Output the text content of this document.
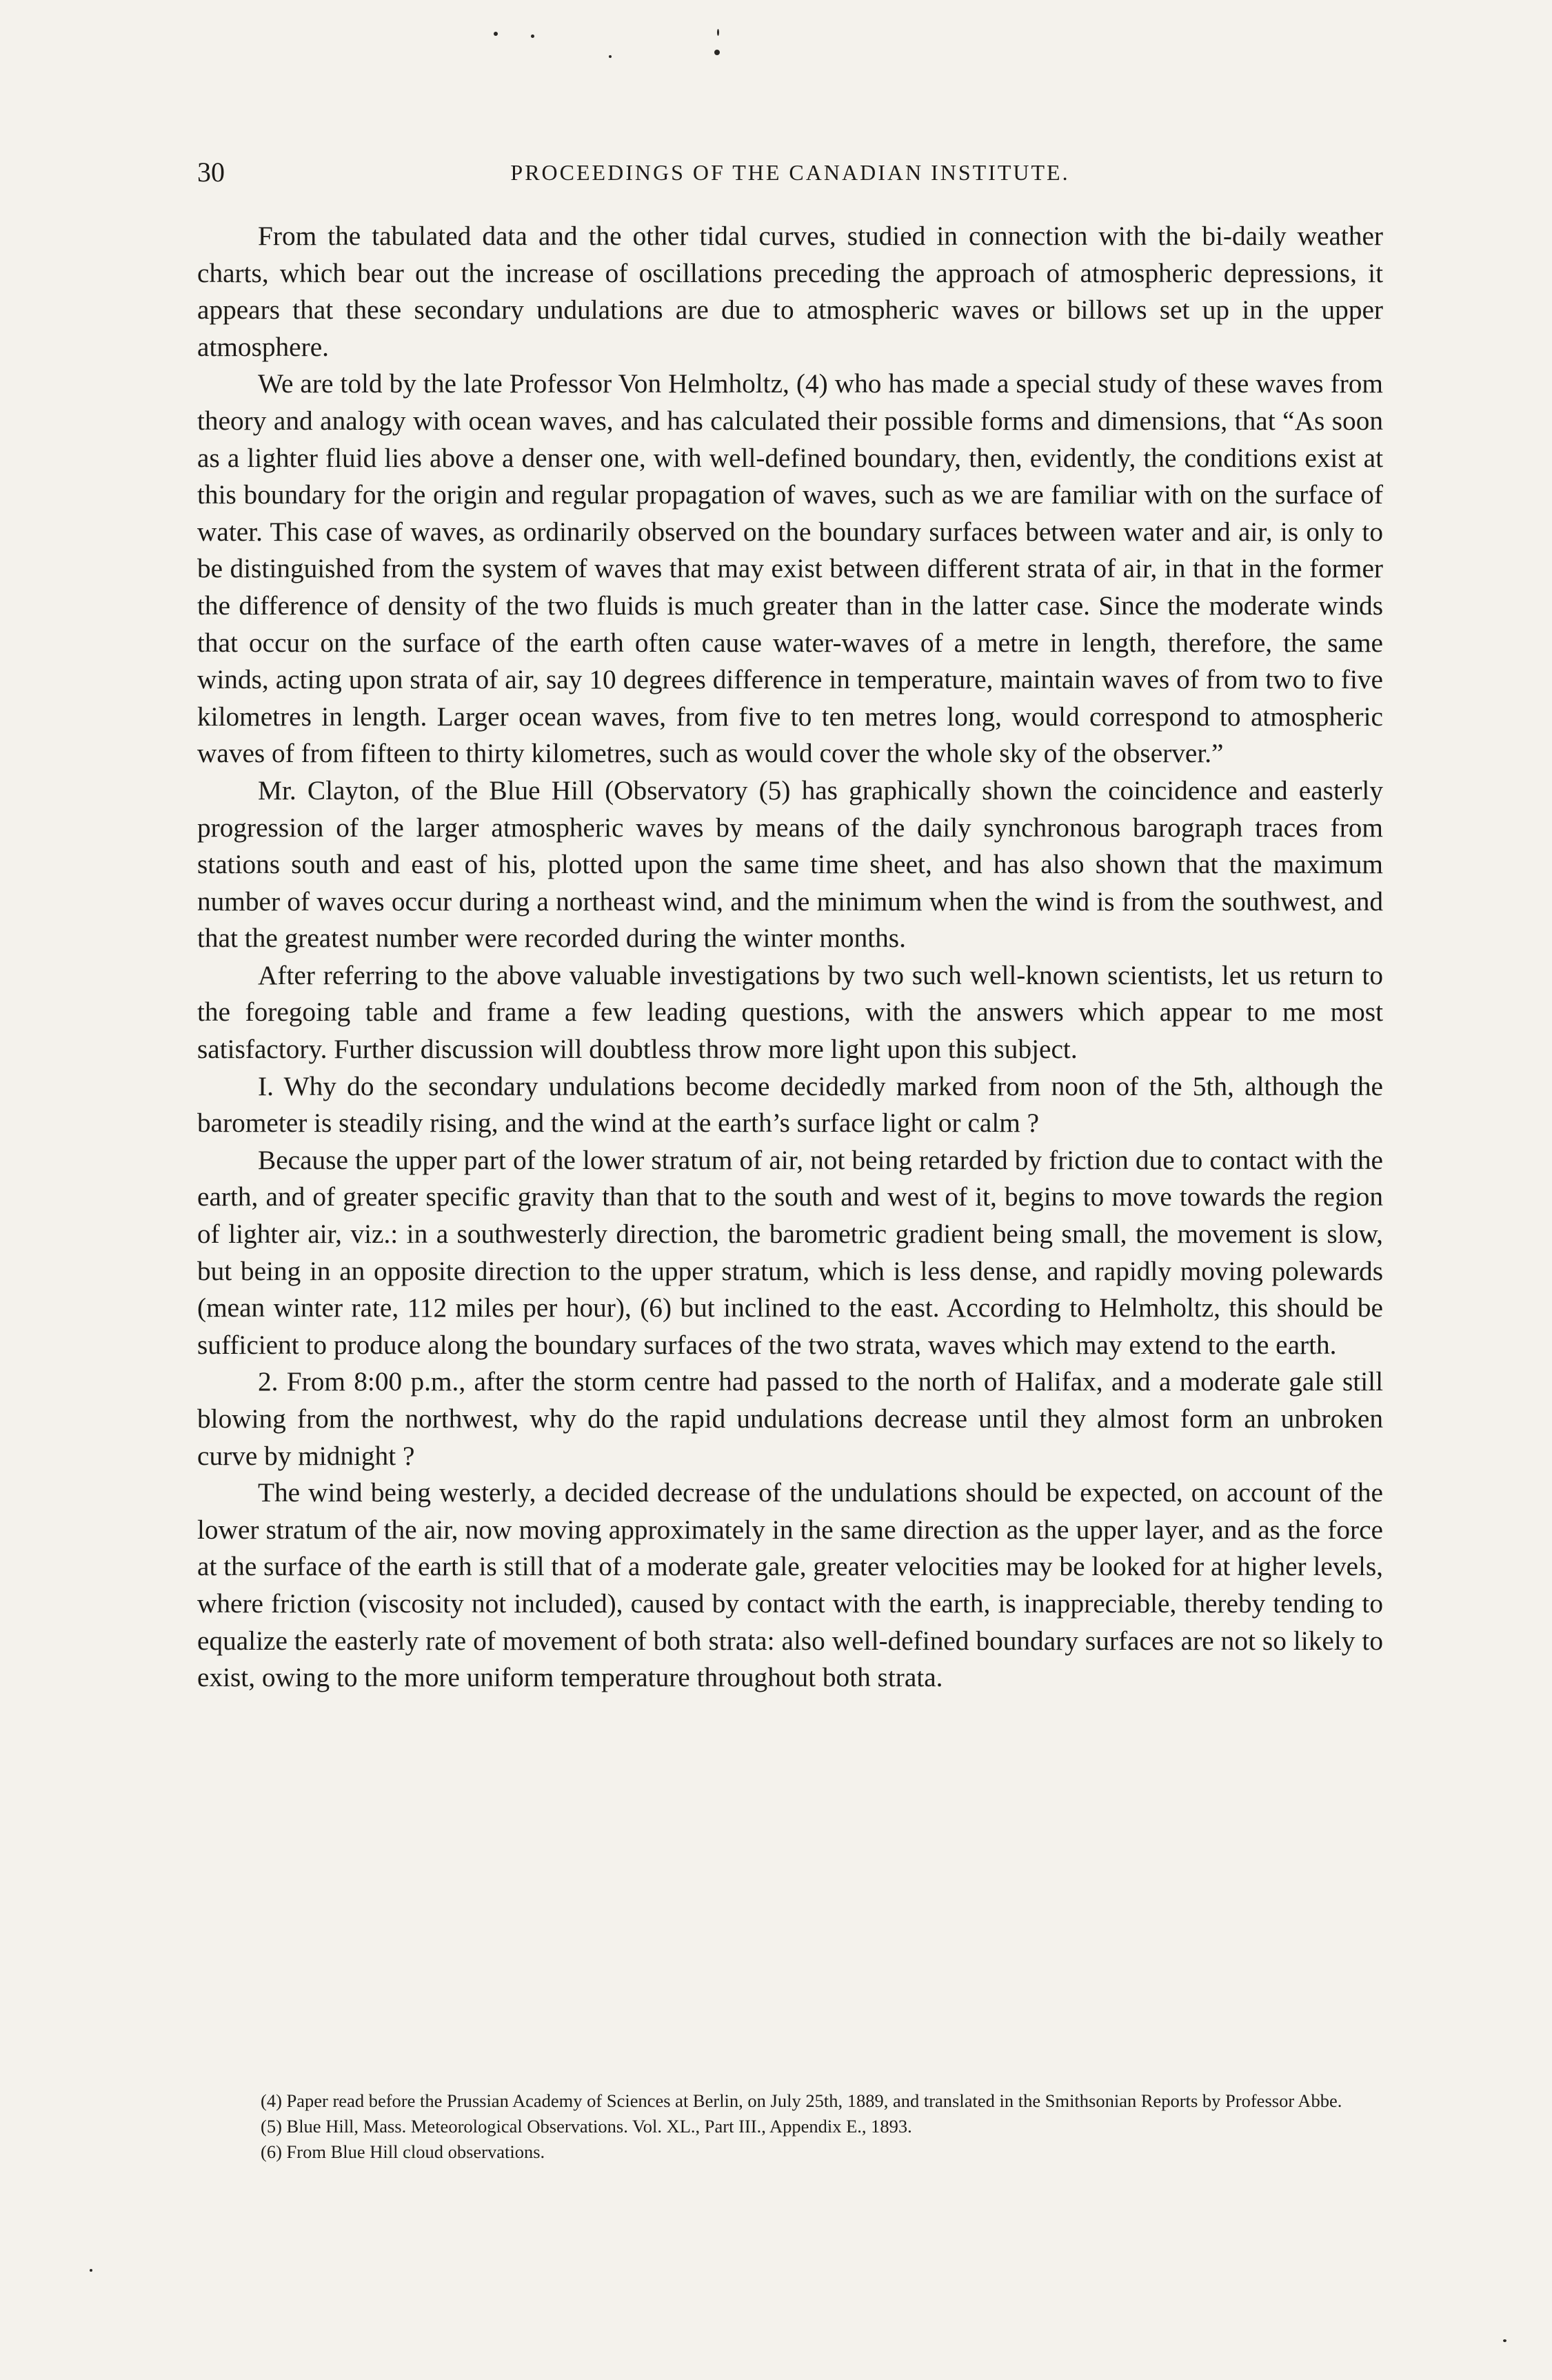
30	PROCEEDINGS OF THE CANADIAN INSTITUTE.

From the tabulated data and the other tidal curves, studied in connection with the bi-daily weather charts, which bear out the increase of oscillations preceding the approach of atmospheric depressions, it appears that these secondary undulations are due to atmospheric waves or billows set up in the upper atmosphere.

We are told by the late Professor Von Helmholtz, (4) who has made a special study of these waves from theory and analogy with ocean waves, and has calculated their possible forms and dimensions, that “As soon as a lighter fluid lies above a denser one, with well-defined boundary, then, evidently, the conditions exist at this boundary for the origin and regular propagation of waves, such as we are familiar with on the surface of water. This case of waves, as ordinarily observed on the boundary surfaces between water and air, is only to be distinguished from the system of waves that may exist between different strata of air, in that in the former the difference of density of the two fluids is much greater than in the latter case. Since the moderate winds that occur on the surface of the earth often cause water-waves of a metre in length, therefore, the same winds, acting upon strata of air, say 10 degrees difference in temperature, maintain waves of from two to five kilometres in length. Larger ocean waves, from five to ten metres long, would correspond to atmospheric waves of from fifteen to thirty kilometres, such as would cover the whole sky of the observer.”

Mr. Clayton, of the Blue Hill (Observatory (5) has graphically shown the coincidence and easterly progression of the larger atmospheric waves by means of the daily synchronous barograph traces from stations south and east of his, plotted upon the same time sheet, and has also shown that the maximum number of waves occur during a northeast wind, and the minimum when the wind is from the southwest, and that the greatest number were recorded during the winter months.

After referring to the above valuable investigations by two such well-known scientists, let us return to the foregoing table and frame a few leading questions, with the answers which appear to me most satisfactory. Further discussion will doubtless throw more light upon this subject.

I. Why do the secondary undulations become decidedly marked from noon of the 5th, although the barometer is steadily rising, and the wind at the earth’s surface light or calm ?

Because the upper part of the lower stratum of air, not being retarded by friction due to contact with the earth, and of greater specific gravity than that to the south and west of it, begins to move towards the region of lighter air, viz.: in a southwesterly direction, the barometric gradient being small, the movement is slow, but being in an opposite direction to the upper stratum, which is less dense, and rapidly moving polewards (mean winter rate, 112 miles per hour), (6) but inclined to the east. According to Helmholtz, this should be sufficient to produce along the boundary surfaces of the two strata, waves which may extend to the earth.

2. From 8:00 p.m., after the storm centre had passed to the north of Halifax, and a moderate gale still blowing from the northwest, why do the rapid undulations decrease until they almost form an unbroken curve by midnight ?

The wind being westerly, a decided decrease of the undulations should be expected, on account of the lower stratum of the air, now moving approximately in the same direction as the upper layer, and as the force at the surface of the earth is still that of a moderate gale, greater velocities may be looked for at higher levels, where friction (viscosity not included), caused by contact with the earth, is inappreciable, thereby tending to equalize the easterly rate of movement of both strata: also well-defined boundary surfaces are not so likely to exist, owing to the more uniform temperature throughout both strata.

(4) Paper read before the Prussian Academy of Sciences at Berlin, on July 25th, 1889, and translated in the Smithsonian Reports by Professor Abbe.

(5) Blue Hill, Mass. Meteorological Observations. Vol. XL., Part III., Appendix E., 1893.

(6) From Blue Hill cloud observations.
